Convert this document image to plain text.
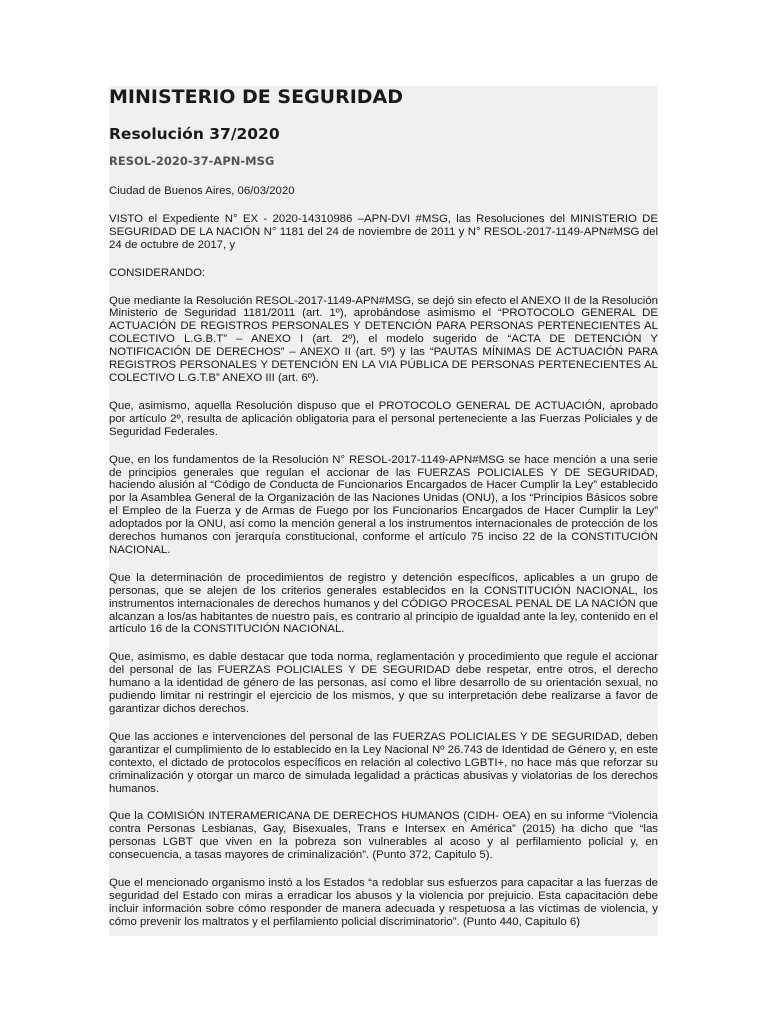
MINISTERIO DE SEGURIDAD
Resolución 37/2020
RESOL-2020-37-APN-MSG

Ciudad de Buenos Aires, 06/03/2020

VISTO el Expediente N° EX - 2020-14310986 –APN-DVI #MSG, las Resoluciones del MINISTERIO DE SEGURIDAD DE LA NACIÓN N° 1181 del 24 de noviembre de 2011 y N° RESOL-2017-1149-APN#MSG del 24 de octubre de 2017, y

CONSIDERANDO:

Que mediante la Resolución RESOL-2017-1149-APN#MSG, se dejó sin efecto el ANEXO II de la Resolución Ministerio de Seguridad 1181/2011 (art. 1º), aprobándose asimismo el “PROTOCOLO GENERAL DE ACTUACIÓN DE REGISTROS PERSONALES Y DETENCIÓN PARA PERSONAS PERTENECIENTES AL COLECTIVO L.G.B.T” – ANEXO I (art. 2º), el modelo sugerido de “ACTA DE DETENCIÓN Y NOTIFICACIÓN DE DERECHOS” – ANEXO II (art. 5º) y las “PAUTAS MÍNIMAS DE ACTUACIÓN PARA REGISTROS PERSONALES Y DETENCIÓN EN LA VIA PÚBLICA DE PERSONAS PERTENECIENTES AL COLECTIVO L.G.T.B” ANEXO III (art. 6º).

Que, asimismo, aquella Resolución dispuso que el PROTOCOLO GENERAL DE ACTUACIÓN, aprobado por artículo 2º, resulta de aplicación obligatoria para el personal perteneciente a las Fuerzas Policiales y de Seguridad Federales.

Que, en los fundamentos de la Resolución N° RESOL-2017-1149-APN#MSG se hace mención a una serie de principios generales que regulan el accionar de las FUERZAS POLICIALES Y DE SEGURIDAD, haciendo alusión al “Código de Conducta de Funcionarios Encargados de Hacer Cumplir la Ley” establecido por la Asamblea General de la Organización de las Naciones Unidas (ONU), a los “Principios Básicos sobre el Empleo de la Fuerza y de Armas de Fuego por los Funcionarios Encargados de Hacer Cumplir la Ley” adoptados por la ONU, así como la mención general a los instrumentos internacionales de protección de los derechos humanos con jerarquía constitucional, conforme el artículo 75 inciso 22 de la CONSTITUCIÓN NACIONAL.

Que la determinación de procedimientos de registro y detención específicos, aplicables a un grupo de personas, que se alejen de los criterios generales establecidos en la CONSTITUCIÓN NACIONAL, los instrumentos internacionales de derechos humanos y del CÓDIGO PROCESAL PENAL DE LA NACIÓN que alcanzan a los/as habitantes de nuestro país, es contrario al principio de igualdad ante la ley, contenido en el artículo 16 de la CONSTITUCIÓN NACIONAL.

Que, asimismo, es dable destacar que toda norma, reglamentación y procedimiento que regule el accionar del personal de las FUERZAS POLICIALES Y DE SEGURIDAD debe respetar, entre otros, el derecho humano a la identidad de género de las personas, así como el libre desarrollo de su orientación sexual, no pudiendo limitar ni restringir el ejercicio de los mismos, y que su interpretación debe realizarse a favor de garantizar dichos derechos.

Que las acciones e intervenciones del personal de las FUERZAS POLICIALES Y DE SEGURIDAD, deben garantizar el cumplimiento de lo establecido en la Ley Nacional Nº 26.743 de Identidad de Género y, en este contexto, el dictado de protocolos específicos en relación al colectivo LGBTI+, no hace más que reforzar su criminalización y otorgar un marco de simulada legalidad a prácticas abusivas y violatorias de los derechos humanos.

Que la COMISIÓN INTERAMERICANA DE DERECHOS HUMANOS (CIDH- OEA) en su informe “Violencia contra Personas Lesbianas, Gay, Bisexuales, Trans e Intersex en América” (2015) ha dicho que “las personas LGBT que viven en la pobreza son vulnerables al acoso y al perfilamiento policial y, en consecuencia, a tasas mayores de criminalización”. (Punto 372, Capitulo 5).

Que el mencionado organismo instó a los Estados “a redoblar sus esfuerzos para capacitar a las fuerzas de seguridad del Estado con miras a erradicar los abusos y la violencia por prejuicio. Esta capacitación debe incluir información sobre cómo responder de manera adecuada y respetuosa a las víctimas de violencia, y cómo prevenir los maltratos y el perfilamiento policial discriminatorio”. (Punto 440, Capitulo 6)
